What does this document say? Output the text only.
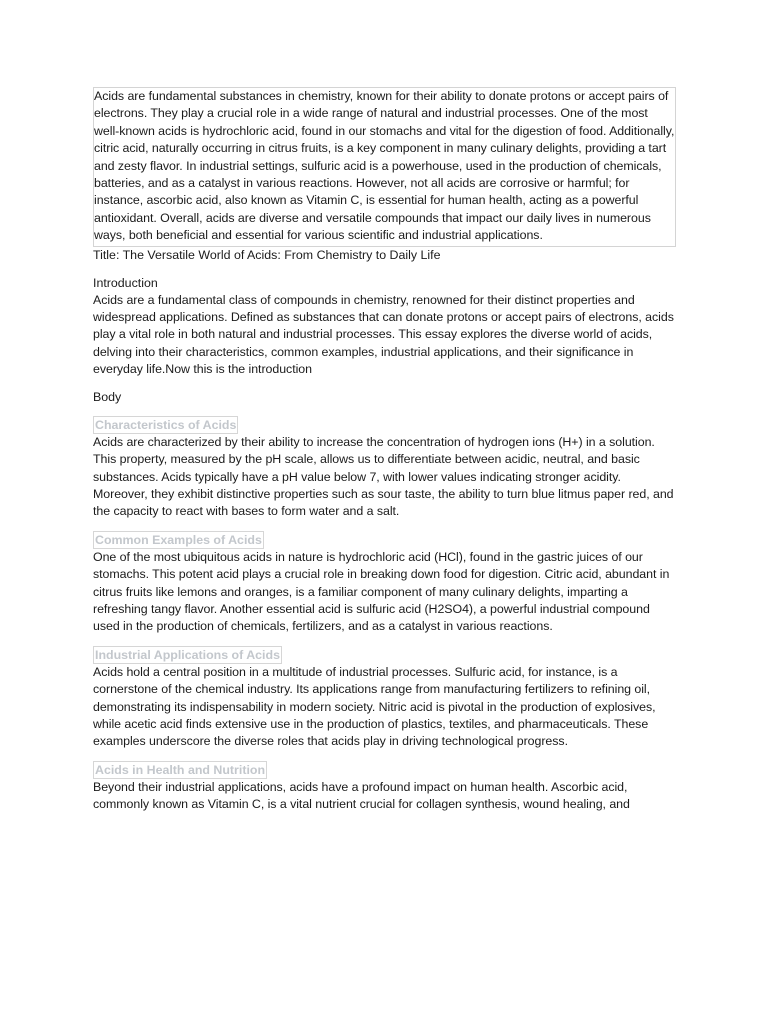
Acids are fundamental substances in chemistry, known for their ability to donate protons or accept pairs of electrons. They play a crucial role in a wide range of natural and industrial processes. One of the most well-known acids is hydrochloric acid, found in our stomachs and vital for the digestion of food. Additionally, citric acid, naturally occurring in citrus fruits, is a key component in many culinary delights, providing a tart and zesty flavor. In industrial settings, sulfuric acid is a powerhouse, used in the production of chemicals, batteries, and as a catalyst in various reactions. However, not all acids are corrosive or harmful; for instance, ascorbic acid, also known as Vitamin C, is essential for human health, acting as a powerful antioxidant. Overall, acids are diverse and versatile compounds that impact our daily lives in numerous ways, both beneficial and essential for various scientific and industrial applications.

Title: The Versatile World of Acids: From Chemistry to Daily Life

Introduction

Acids are a fundamental class of compounds in chemistry, renowned for their distinct properties and widespread applications. Defined as substances that can donate protons or accept pairs of electrons, acids play a vital role in both natural and industrial processes. This essay explores the diverse world of acids, delving into their characteristics, common examples, industrial applications, and their significance in everyday life.Now this is the introduction

Body

Characteristics of Acids

Acids are characterized by their ability to increase the concentration of hydrogen ions (H+) in a solution. This property, measured by the pH scale, allows us to differentiate between acidic, neutral, and basic substances. Acids typically have a pH value below 7, with lower values indicating stronger acidity. Moreover, they exhibit distinctive properties such as sour taste, the ability to turn blue litmus paper red, and the capacity to react with bases to form water and a salt.

Common Examples of Acids

One of the most ubiquitous acids in nature is hydrochloric acid (HCl), found in the gastric juices of our stomachs. This potent acid plays a crucial role in breaking down food for digestion. Citric acid, abundant in citrus fruits like lemons and oranges, is a familiar component of many culinary delights, imparting a refreshing tangy flavor. Another essential acid is sulfuric acid (H2SO4), a powerful industrial compound used in the production of chemicals, fertilizers, and as a catalyst in various reactions.

Industrial Applications of Acids

Acids hold a central position in a multitude of industrial processes. Sulfuric acid, for instance, is a cornerstone of the chemical industry. Its applications range from manufacturing fertilizers to refining oil, demonstrating its indispensability in modern society. Nitric acid is pivotal in the production of explosives, while acetic acid finds extensive use in the production of plastics, textiles, and pharmaceuticals. These examples underscore the diverse roles that acids play in driving technological progress.

Acids in Health and Nutrition

Beyond their industrial applications, acids have a profound impact on human health. Ascorbic acid, commonly known as Vitamin C, is a vital nutrient crucial for collagen synthesis, wound healing, and
